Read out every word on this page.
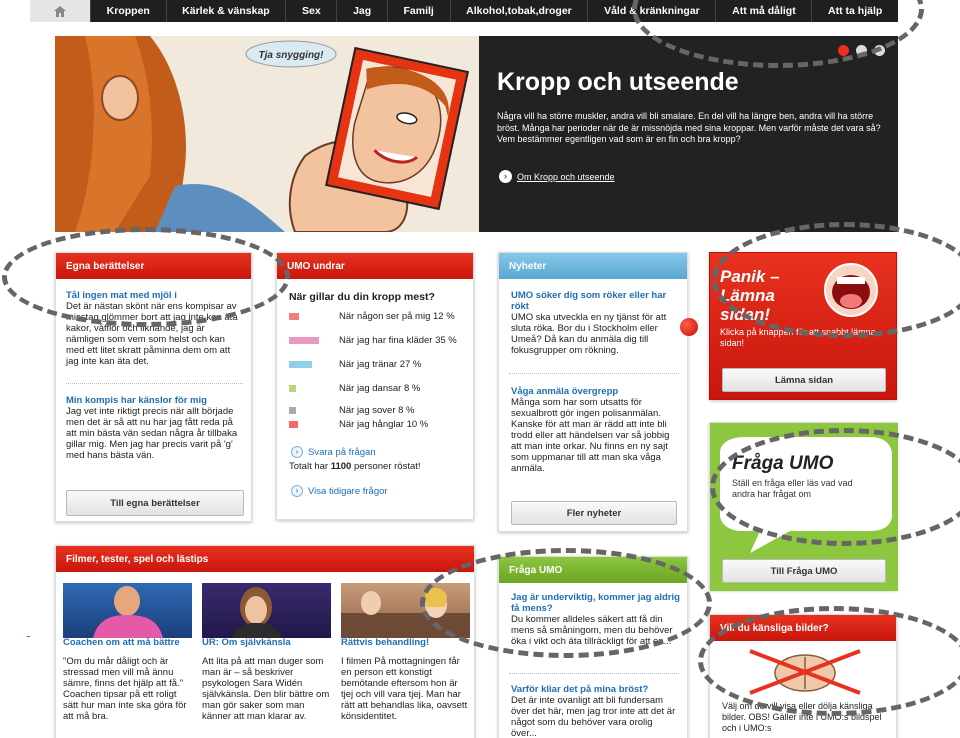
Kroppen	Kärlek & vänskap	Sex	Jag	Familj	Alkohol,tobak,droger	Våld & kränkningar	Att må dåligt	Att ta hjälp
Tja snygging!
Kropp och utseende
Några vill ha större muskler, andra vill bli smalare. En del vill ha längre ben, andra vill ha större bröst. Många har perioder när de är missnöjda med sina kroppar. Men varför måste det vara så? Vem bestämmer egentligen vad som är en fin och bra kropp?
›	Om Kropp och utseende
Egna berättelser
Tål ingen mat med mjöl i
Det är nästan skönt när ens kompisar av misstag glömmer bort att jag inte kan äta kakor, våfflor och liknande, jag är nämligen som vem som helst och kan med ett litet skratt påminna dem om att jag inte kan äta det.
Min kompis har känslor för mig
Jag vet inte riktigt precis när allt började men det är så att nu har jag fått reda på att min bästa vän sedan några år tillbaka gillar mig. Men jag har precis varit på 'g' med hans bästa vän.
Till egna berättelser
UMO undrar
När gillar du din kropp mest?
När någon ser på mig 12 %
När jag har fina kläder 35 %
När jag tränar 27 %
När jag dansar 8 %
När jag sover 8 %
När jag hånglar 10 %
›	Svara på frågan
Totalt har 1100 personer röstat!
›	Visa tidigare frågor
Nyheter
UMO söker dig som röker eller har rökt
UMO ska utveckla en ny tjänst för att sluta röka. Bor du i Stockholm eller Umeå? Då kan du anmäla dig till fokusgrupper om rökning.
Våga anmäla övergrepp
Många som har som utsatts för sexualbrott gör ingen polisanmälan. Kanske för att man är rädd att inte bli trodd eller att händelsen var så jobbig att man inte orkar. Nu finns en ny sajt som uppmanar till att man ska våga anmäla.
Fler nyheter
Panik – Lämna sidan!
Klicka på knappen för att snabbt lämna sidan!
Lämna sidan
Fråga UMO
Ställ en fråga eller läs vad vad andra har frågat om
Till Fråga UMO
Filmer, tester, spel och lästips
Coachen om att må bättre
"Om du mår dåligt och är stressad men vill må ännu sämre, finns det hjälp att få." Coachen tipsar på ett roligt sätt hur man inte ska göra för att må bra.
UR: Om självkänsla
Att lita på att man duger som man är – så beskriver psykologen Sara Widén självkänsla. Den blir bättre om man gör saker som man känner att man klarar av.
Rättvis behandling!
I filmen På mottagningen får en person ett konstigt bemötande eftersom hon är tjej och vill vara tjej. Man har rätt att behandlas lika, oavsett könsidentitet.
Fråga UMO
Jag är underviktig, kommer jag aldrig få mens?
Du kommer alldeles säkert att få din mens så småningom, men du behöver öka i vikt och äta tillräckligt för att en...
Varför kliar det på mina bröst?
Det är inte ovanligt att bli fundersam över det här, men jag tror inte att det är något som du behöver vara orolig över...
Vill du känsliga bilder?
Välj om du vill visa eller dölja känsliga bilder. OBS! Gäller inte i UMO:s bildspel och i UMO:s
